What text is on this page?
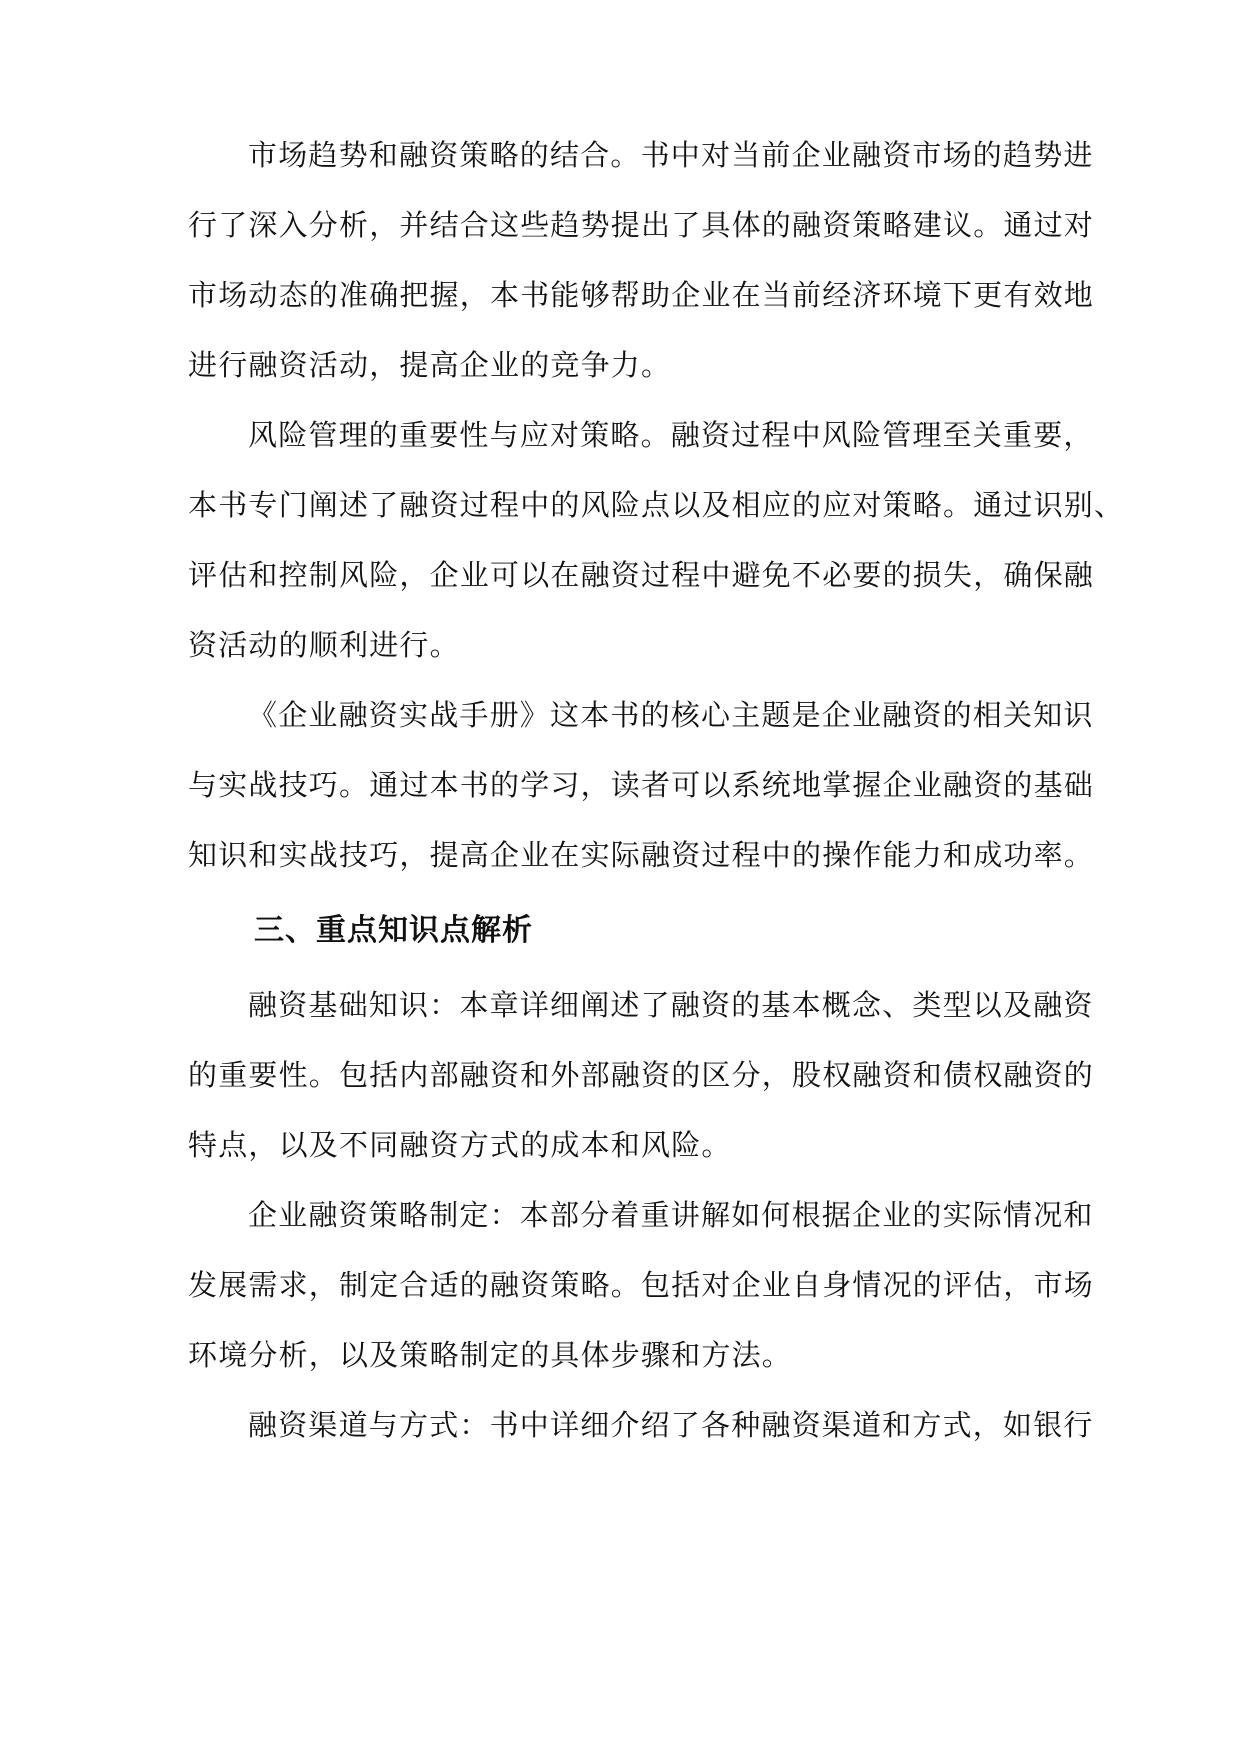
市场趋势和融资策略的结合。书中对当前企业融资市场的趋势进
行了深入分析，并结合这些趋势提出了具体的融资策略建议。通过对
市场动态的准确把握，本书能够帮助企业在当前经济环境下更有效地
进行融资活动，提高企业的竞争力。
风险管理的重要性与应对策略。融资过程中风险管理至关重要，
本书专门阐述了融资过程中的风险点以及相应的应对策略。通过识别、
评估和控制风险，企业可以在融资过程中避免不必要的损失，确保融
资活动的顺利进行。
《企业融资实战手册》这本书的核心主题是企业融资的相关知识
与实战技巧。通过本书的学习，读者可以系统地掌握企业融资的基础
知识和实战技巧，提高企业在实际融资过程中的操作能力和成功率。
三、重点知识点解析
融资基础知识：本章详细阐述了融资的基本概念、类型以及融资
的重要性。包括内部融资和外部融资的区分，股权融资和债权融资的
特点，以及不同融资方式的成本和风险。
企业融资策略制定：本部分着重讲解如何根据企业的实际情况和
发展需求，制定合适的融资策略。包括对企业自身情况的评估，市场
环境分析，以及策略制定的具体步骤和方法。
融资渠道与方式：书中详细介绍了各种融资渠道和方式，如银行
